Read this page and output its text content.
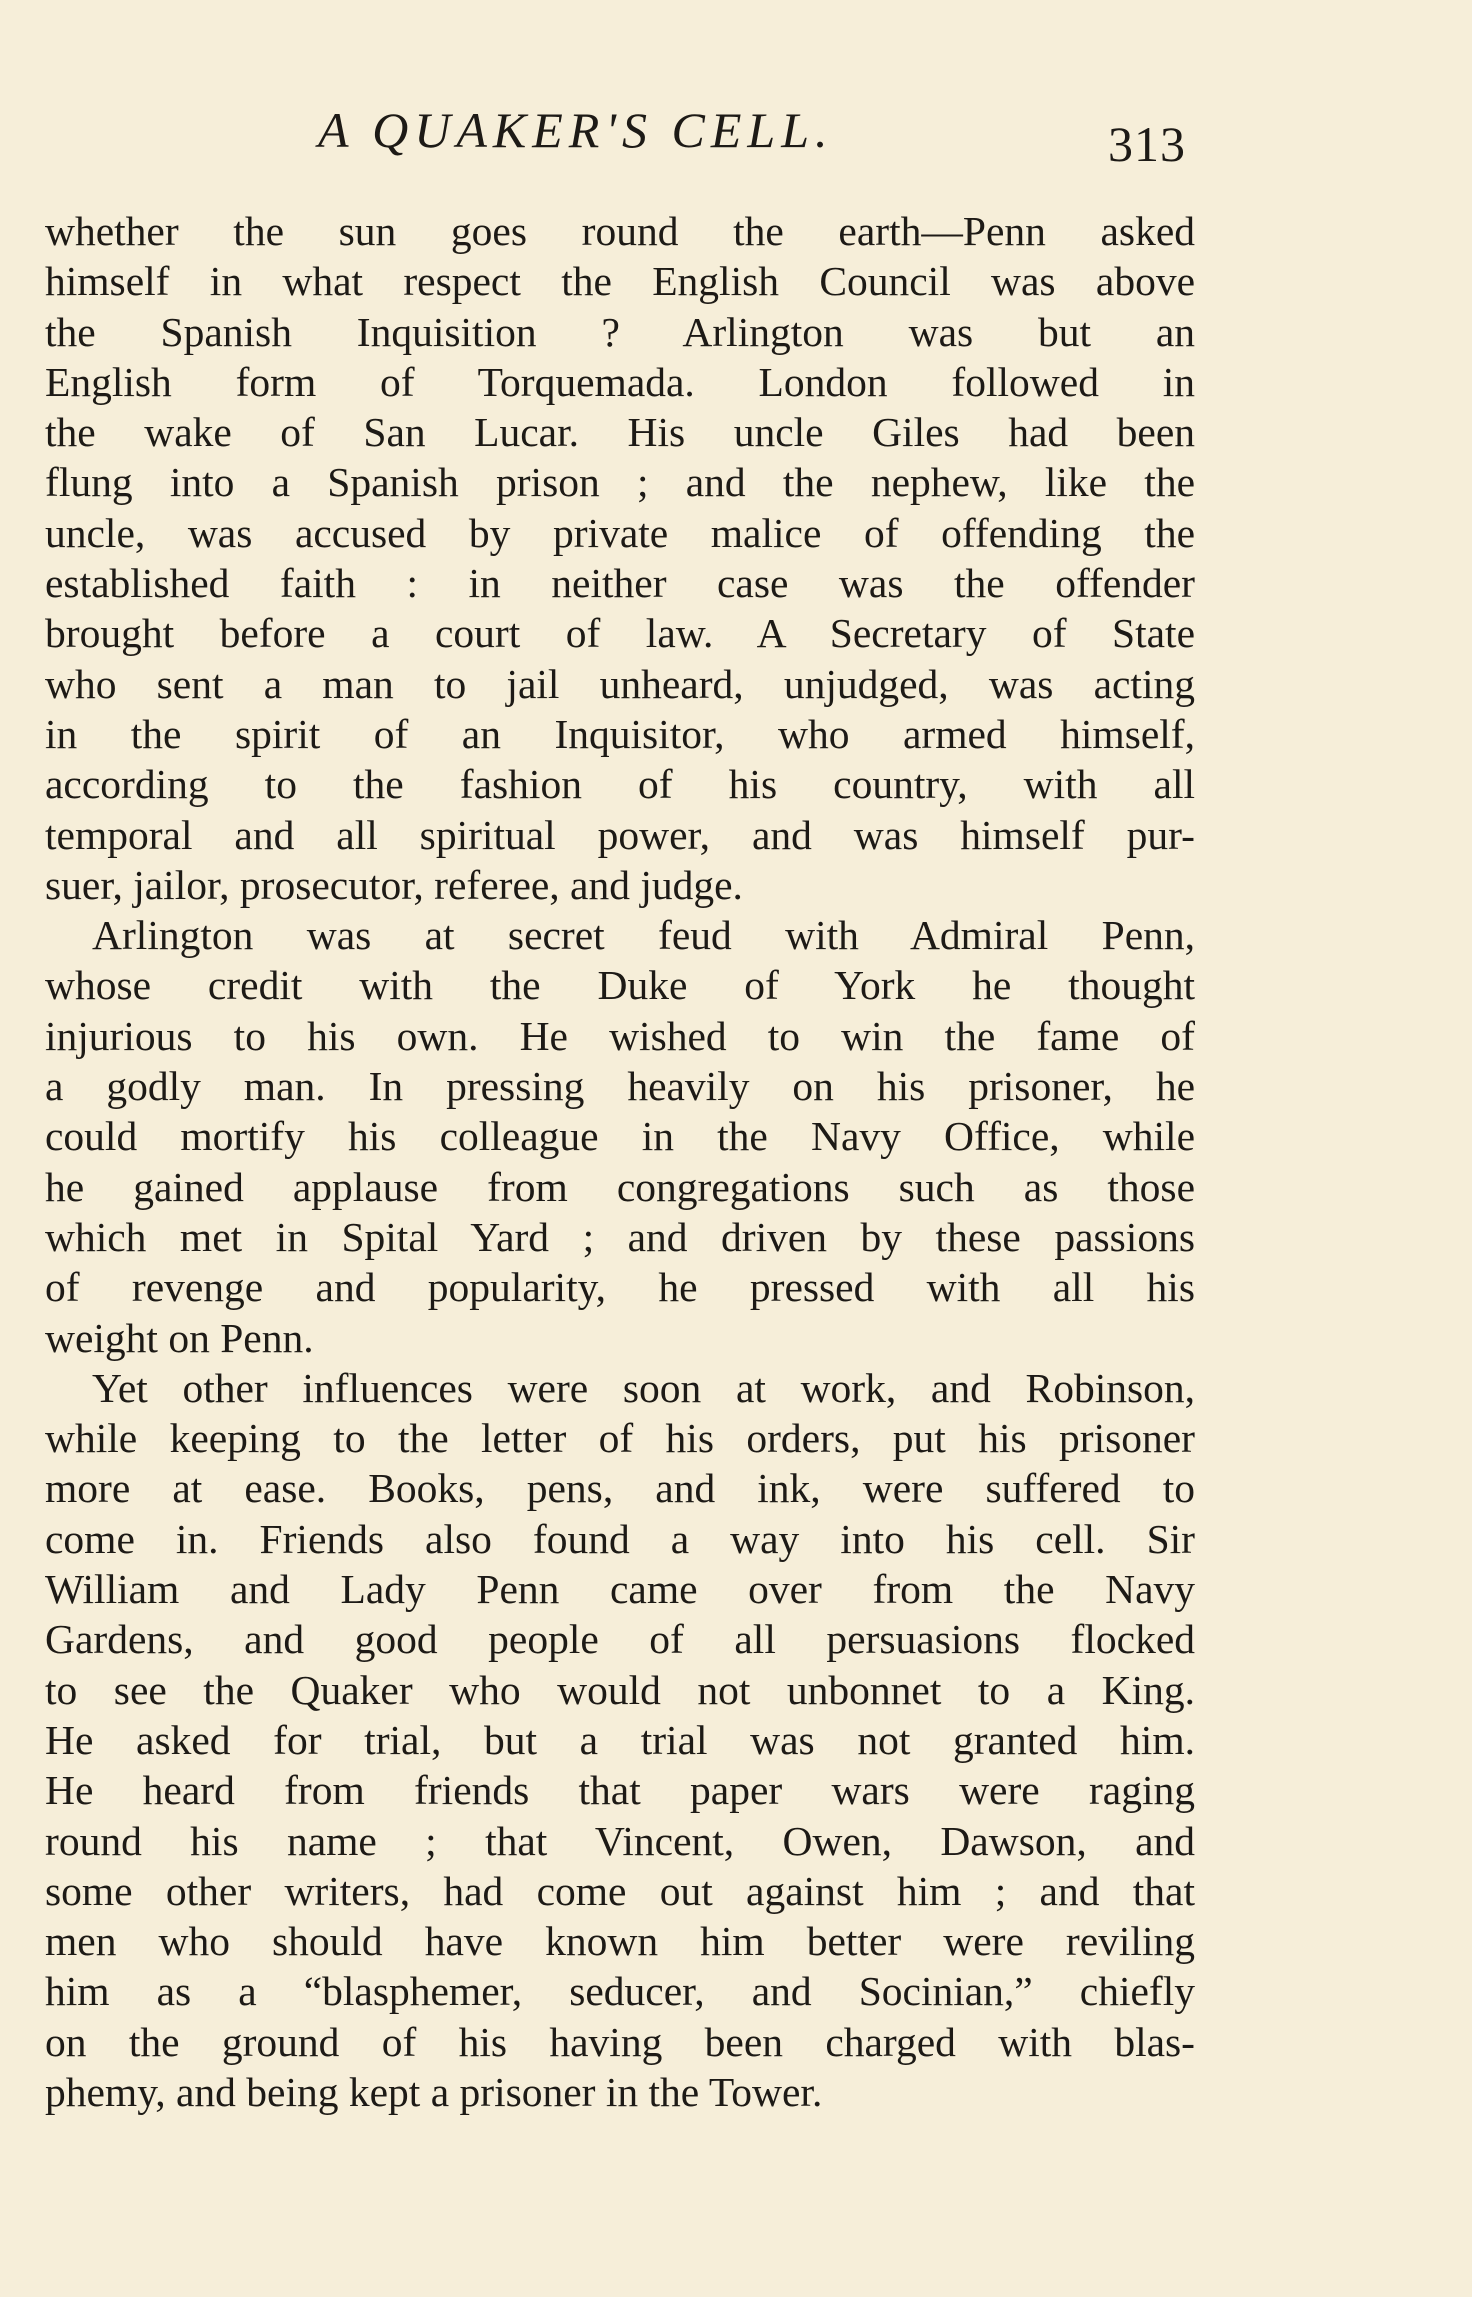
A QUAKER'S CELL.	313
whether the sun goes round the earth—Penn asked
himself in what respect the English Council was above
the Spanish Inquisition ? Arlington was but an
English form of Torquemada. London followed in
the wake of San Lucar. His uncle Giles had been
flung into a Spanish prison ; and the nephew, like the
uncle, was accused by private malice of offending the
established faith : in neither case was the offender
brought before a court of law. A Secretary of State
who sent a man to jail unheard, unjudged, was acting
in the spirit of an Inquisitor, who armed himself,
according to the fashion of his country, with all
temporal and all spiritual power, and was himself pur-
suer, jailor, prosecutor, referee, and judge.
Arlington was at secret feud with Admiral Penn,
whose credit with the Duke of York he thought
injurious to his own. He wished to win the fame of
a godly man. In pressing heavily on his prisoner, he
could mortify his colleague in the Navy Office, while
he gained applause from congregations such as those
which met in Spital Yard ; and driven by these passions
of revenge and popularity, he pressed with all his
weight on Penn.
Yet other influences were soon at work, and Robinson,
while keeping to the letter of his orders, put his prisoner
more at ease. Books, pens, and ink, were suffered to
come in. Friends also found a way into his cell. Sir
William and Lady Penn came over from the Navy
Gardens, and good people of all persuasions flocked
to see the Quaker who would not unbonnet to a King.
He asked for trial, but a trial was not granted him.
He heard from friends that paper wars were raging
round his name ; that Vincent, Owen, Dawson, and
some other writers, had come out against him ; and that
men who should have known him better were reviling
him as a “blasphemer, seducer, and Socinian,” chiefly
on the ground of his having been charged with blas-
phemy, and being kept a prisoner in the Tower.
